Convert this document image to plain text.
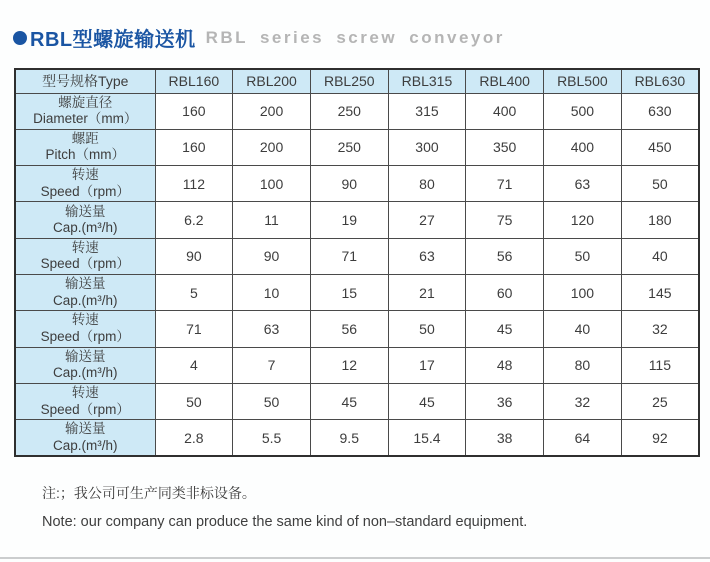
RBL型螺旋输送机 RBL series screw conveyor
型号规格Type	RBL160	RBL200	RBL250	RBL315	RBL400	RBL500	RBL630

螺旋直径
Diameter（mm）	160	200	250	315	400	500	630

螺距
Pitch（mm）	160	200	250	300	350	400	450

转速
Speed（rpm）	112	100	90	80	71	63	50

输送量
Cap.(m³/h)	6.2	11	19	27	75	120	180

转速
Speed（rpm）	90	90	71	63	56	50	40

输送量
Cap.(m³/h)	5	10	15	21	60	100	145

转速
Speed（rpm）	71	63	56	50	45	40	32

输送量
Cap.(m³/h)	4	7	12	17	48	80	115

转速
Speed（rpm）	50	50	45	45	36	32	25

输送量
Cap.(m³/h)	2.8	5.5	9.5	15.4	38	64	92

注:；我公司可生产同类非标设备。

Note: our company can produce the same kind of non–standard equipment.
